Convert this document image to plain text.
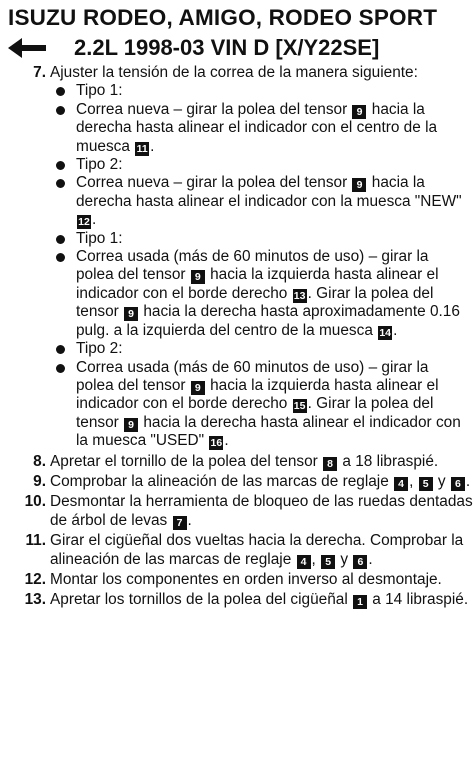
ISUZU RODEO, AMIGO, RODEO SPORT
2.2L 1998-03 VIN D [X/Y22SE]
7. Ajuster la tensión de la correa de la manera siguiente:
Tipo 1:
Correa nueva – girar la polea del tensor 9 hacia la derecha hasta alinear el indicador con el centro de la muesca 11 .
Tipo 2:
Correa nueva – girar la polea del tensor 9 hacia la derecha hasta alinear el indicador con la muesca "NEW" 12 .
Tipo 1:
Correa usada (más de 60 minutos de uso) – girar la polea del tensor 9 hacia la izquierda hasta alinear el indicador con el borde derecho 13 . Girar la polea del tensor 9 hacia la derecha hasta aproximadamente 0.16 pulg. a la izquierda del centro de la muesca 14 .
Tipo 2:
Correa usada (más de 60 minutos de uso) – girar la polea del tensor 9 hacia la izquierda hasta alinear el indicador con el borde derecho 15 . Girar la polea del tensor 9 hacia la derecha hasta alinear el indicador con la muesca "USED" 16 .
8. Apretar el tornillo de la polea del tensor 8 a 18 libraspié.
9. Comprobar la alineación de las marcas de reglaje 4 , 5 y 6 .
10. Desmontar la herramienta de bloqueo de las ruedas dentadas de árbol de levas 7 .
11. Girar el cigüeñal dos vueltas hacia la derecha. Comprobar la alineación de las marcas de reglaje 4 , 5 y 6 .
12. Montar los componentes en orden inverso al desmontaje.
13. Apretar los tornillos de la polea del cigüeñal 1 a 14 libraspié.
